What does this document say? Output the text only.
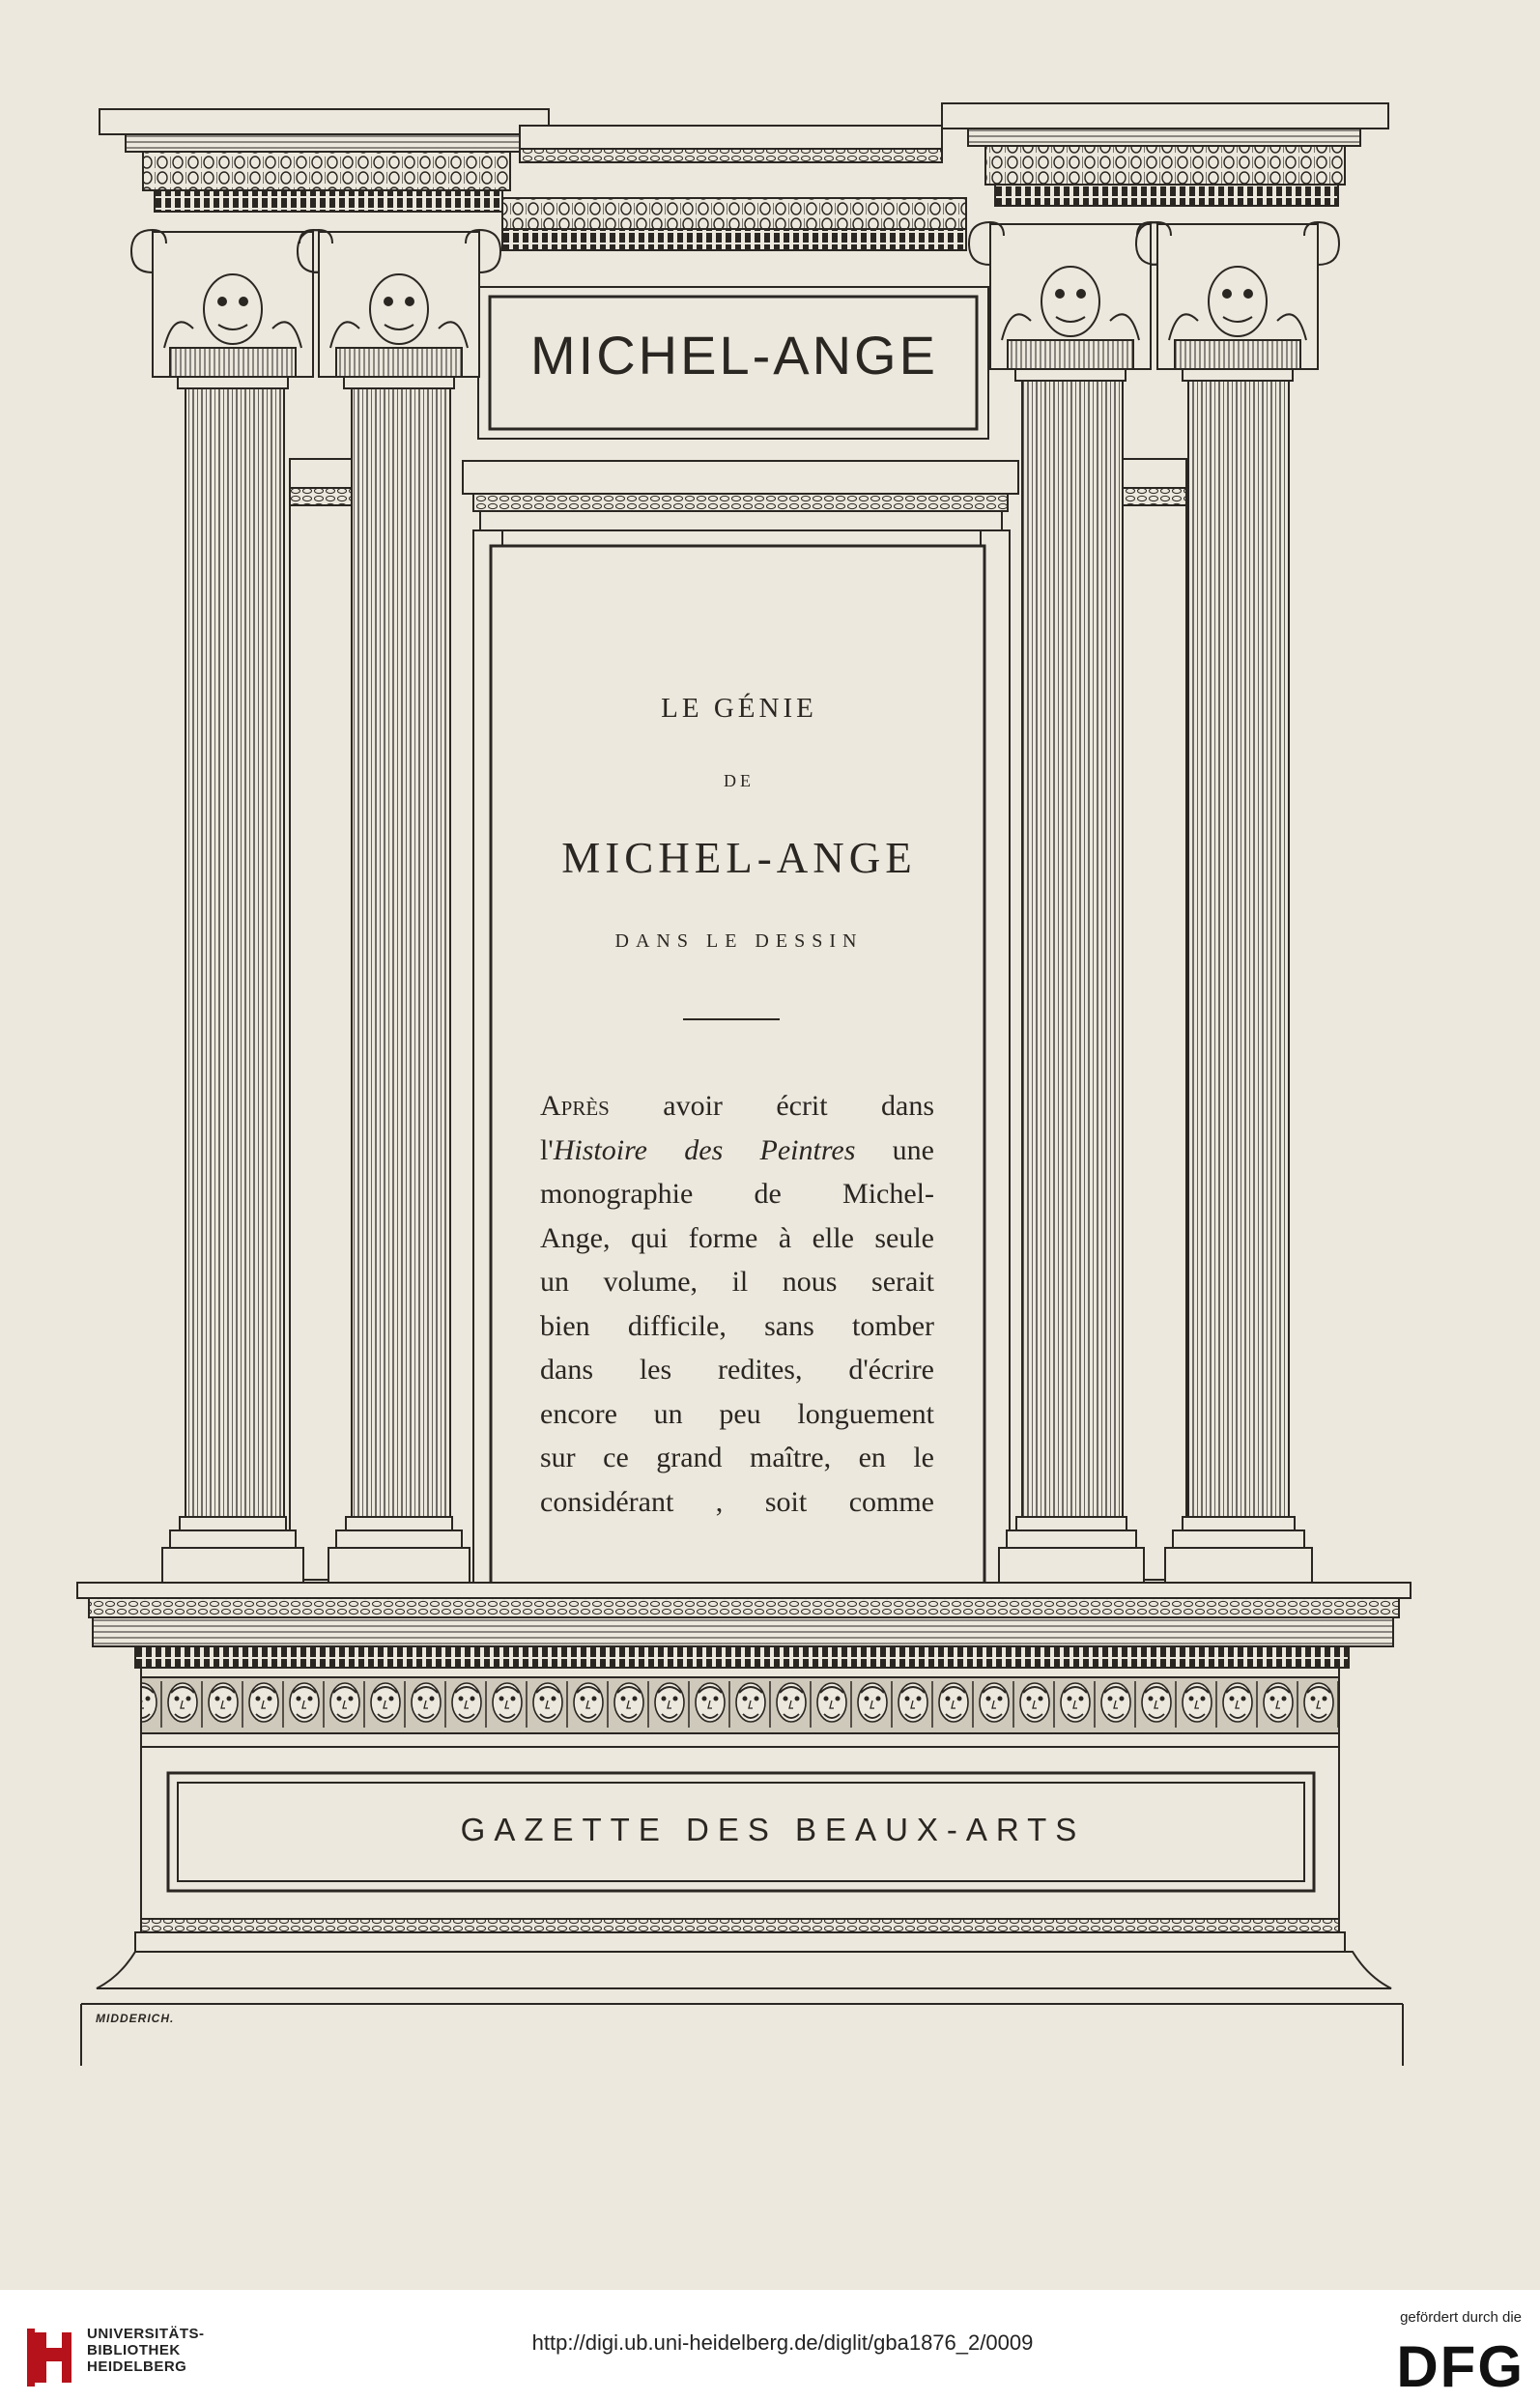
MICHEL-ANGE

LE GÉNIE

DE

MICHEL-ANGE

DANS LE DESSIN

Après avoir écrit dans
l'Histoire des Peintres une
monographie de Michel-
Ange, qui forme à elle seule
un volume, il nous serait
bien difficile, sans tomber
dans les redites, d'écrire
encore un peu longuement
sur ce grand maître, en le
considérant , soit comme

GAZETTE DES BEAUX-ARTS

MIDDERICH.

UNIVERSITÄTS-
BIBLIOTHEK
HEIDELBERG
http://digi.ub.uni-heidelberg.de/diglit/gba1876_2/0009
gefördert durch die
DFG
